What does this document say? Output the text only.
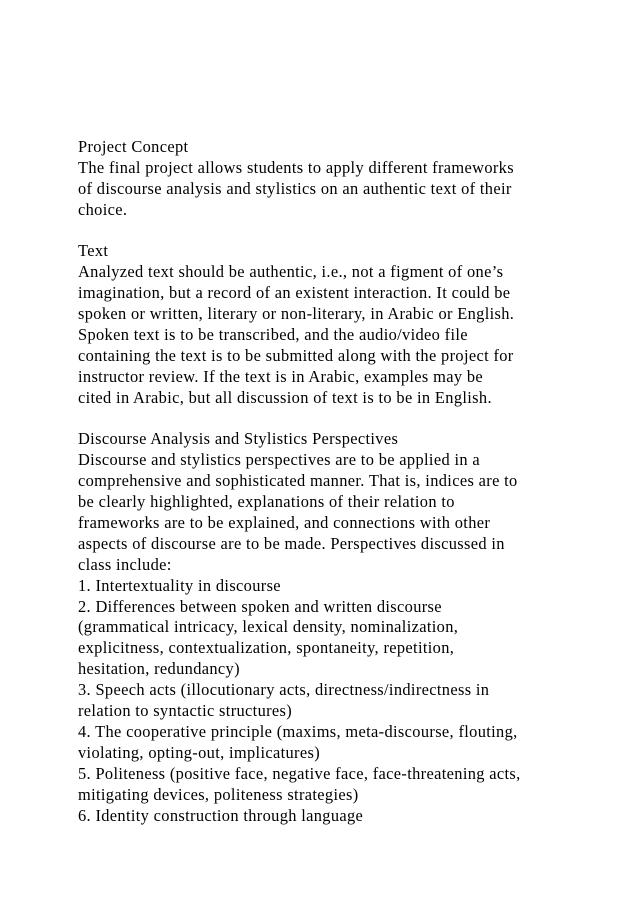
Project Concept
The final project allows students to apply different frameworks
of discourse analysis and stylistics on an authentic text of their
choice.
Text
Analyzed text should be authentic, i.e., not a figment of one’s
imagination, but a record of an existent interaction. It could be
spoken or written, literary or non-literary, in Arabic or English.
Spoken text is to be transcribed, and the audio/video file
containing the text is to be submitted along with the project for
instructor review. If the text is in Arabic, examples may be
cited in Arabic, but all discussion of text is to be in English.
Discourse Analysis and Stylistics Perspectives
Discourse and stylistics perspectives are to be applied in a
comprehensive and sophisticated manner. That is, indices are to
be clearly highlighted, explanations of their relation to
frameworks are to be explained, and connections with other
aspects of discourse are to be made. Perspectives discussed in
class include:
1. Intertextuality in discourse
2. Differences between spoken and written discourse
(grammatical intricacy, lexical density, nominalization,
explicitness, contextualization, spontaneity, repetition,
hesitation, redundancy)
3. Speech acts (illocutionary acts, directness/indirectness in
relation to syntactic structures)
4. The cooperative principle (maxims, meta-discourse, flouting,
violating, opting-out, implicatures)
5. Politeness (positive face, negative face, face-threatening acts,
mitigating devices, politeness strategies)
6. Identity construction through language
